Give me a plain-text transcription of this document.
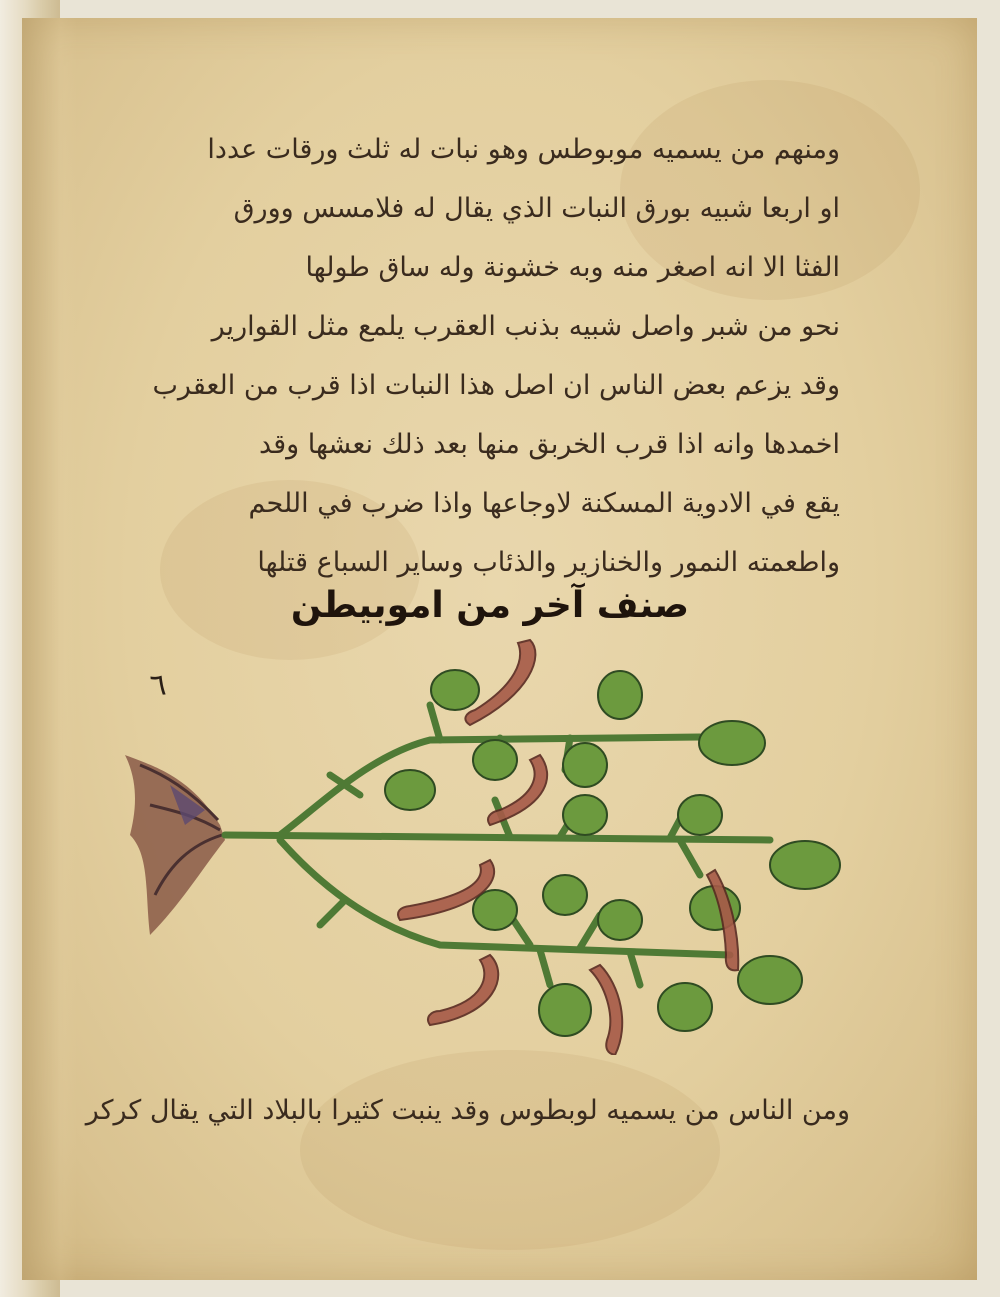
ومنهم من يسميه موبوطس وهو نبات له ثلث ورقات عددا
او اربعا شبيه بورق النبات الذي يقال له فلامسس وورق
الفثا الا انه اصغر منه وبه خشونة وله ساق طولها
نحو من شبر واصل شبيه بذنب العقرب يلمع مثل القوارير
وقد يزعم بعض الناس ان اصل هذا النبات اذا قرب من العقرب
اخمدها وانه اذا قرب الخربق منها بعد ذلك نعشها وقد
يقع في الادوية المسكنة لاوجاعها واذا ضرب في اللحم
واطعمته النمور والخنازير والذئاب وساير السباع قتلها
صنف آخر من اموبيطن
٦
ومن الناس من يسميه لوبطوس وقد ينبت كثيرا بالبلاد التي يقال كركر
